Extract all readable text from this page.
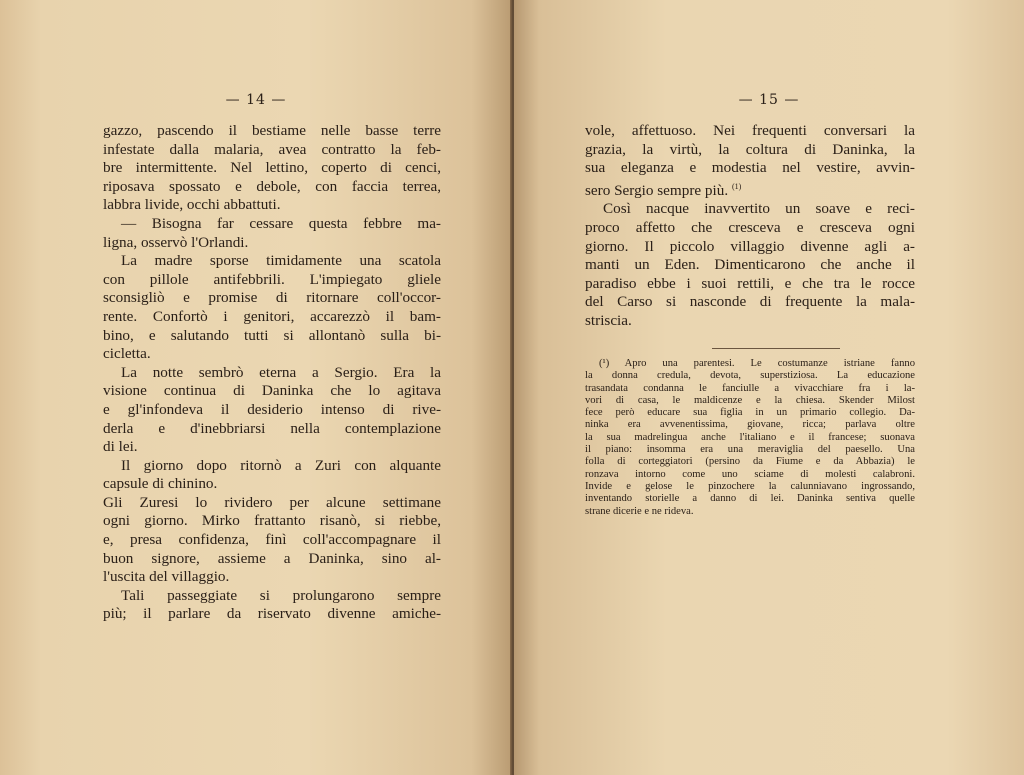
— 14 —
gazzo, pascendo il bestiame nelle basse terre
infestate dalla malaria, avea contratto la feb-
bre intermittente. Nel lettino, coperto di cenci,
riposava spossato e debole, con faccia terrea,
labbra livide, occhi abbattuti.
— Bisogna far cessare questa febbre ma-
ligna, osservò l'Orlandi.
La madre sporse timidamente una scatola
con pillole antifebbrili. L'impiegato gliele
sconsigliò e promise di ritornare coll'occor-
rente. Confortò i genitori, accarezzò il bam-
bino, e salutando tutti si allontanò sulla bi-
cicletta.
La notte sembrò eterna a Sergio. Era la
visione continua di Daninka che lo agitava
e gl'infondeva il desiderio intenso di rive-
derla e d'inebbriarsi nella contemplazione
di lei.
Il giorno dopo ritornò a Zuri con alquante
capsule di chinino.
Gli Zuresi lo rividero per alcune settimane
ogni giorno. Mirko frattanto risanò, si riebbe,
e, presa confidenza, finì coll'accompagnare il
buon signore, assieme a Daninka, sino al-
l'uscita del villaggio.
Tali passeggiate si prolungarono sempre
più; il parlare da riservato divenne amiche-
— 15 —
vole, affettuoso. Nei frequenti conversari la
grazia, la virtù, la coltura di Daninka, la
sua eleganza e modestia nel vestire, avvin-
sero Sergio sempre più. $^{(1)}$
Così nacque inavvertito un soave e reci-
proco affetto che cresceva e cresceva ogni
giorno. Il piccolo villaggio divenne agli a-
manti un Eden. Dimenticarono che anche il
paradiso ebbe i suoi rettili, e che tra le rocce
del Carso si nasconde di frequente la mala-
striscia.
(¹) Apro una parentesi. Le costumanze istriane fanno
la donna credula, devota, superstiziosa. La educazione
trasandata condanna le fanciulle a vivacchiare fra i la-
vori di casa, le maldicenze e la chiesa. Skender Milost
fece però educare sua figlia in un primario collegio. Da-
ninka era avvenentissima, giovane, ricca; parlava oltre
la sua madrelingua anche l'italiano e il francese; suonava
il piano: insomma era una meraviglia del paesello. Una
folla di corteggiatori (persino da Fiume e da Abbazia) le
ronzava intorno come uno sciame di molesti calabroni.
Invide e gelose le pinzochere la calunniavano ingrossando,
inventando storielle a danno di lei. Daninka sentiva quelle
strane dicerie e ne rideva.
